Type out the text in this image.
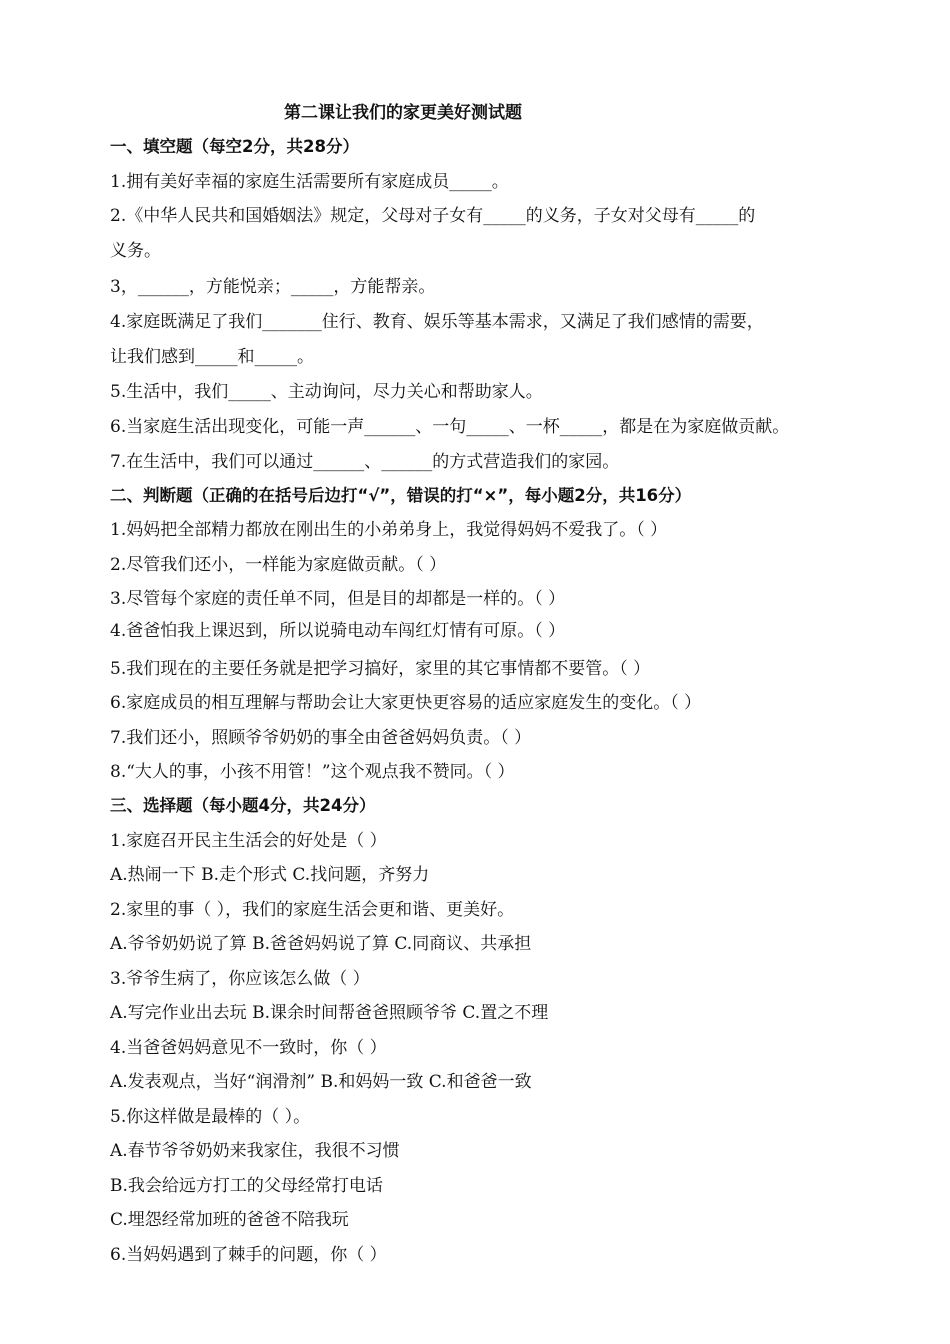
第二课让我们的家更美好测试题
一、填空题（每空2分，共28分）
1.拥有美好幸福的家庭生活需要所有家庭成员_____。
2.《中华人民共和国婚姻法》规定，父母对子女有_____的义务，子女对父母有_____的
义务。
3，______，方能悦亲；_____，方能帮亲。
4.家庭既满足了我们_______住行、教育、娱乐等基本需求，又满足了我们感情的需要，
让我们感到_____和_____。
5.生活中，我们_____、主动询问，尽力关心和帮助家人。
6.当家庭生活出现变化，可能一声______、一句_____、一杯_____，都是在为家庭做贡献。
7.在生活中，我们可以通过______、______的方式营造我们的家园。
二、判断题（正确的在括号后边打“√”，错误的打“×”，每小题2分，共16分）
1.妈妈把全部精力都放在刚出生的小弟弟身上，我觉得妈妈不爱我了。（ ）
2.尽管我们还小，一样能为家庭做贡献。（ ）
3.尽管每个家庭的责任单不同，但是目的却都是一样的。（ ）
4.爸爸怕我上课迟到，所以说骑电动车闯红灯情有可原。（ ）
5.我们现在的主要任务就是把学习搞好，家里的其它事情都不要管。（ ）
6.家庭成员的相互理解与帮助会让大家更快更容易的适应家庭发生的变化。（ ）
7.我们还小，照顾爷爷奶奶的事全由爸爸妈妈负责。（ ）
8.“大人的事，小孩不用管！”这个观点我不赞同。（ ）
三、选择题（每小题4分，共24分）
1.家庭召开民主生活会的好处是（ ）
A.热闹一下 B.走个形式 C.找问题，齐努力
2.家里的事（ ），我们的家庭生活会更和谐、更美好。
A.爷爷奶奶说了算 B.爸爸妈妈说了算 C.同商议、共承担
3.爷爷生病了，你应该怎么做（ ）
A.写完作业出去玩 B.课余时间帮爸爸照顾爷爷 C.置之不理
4.当爸爸妈妈意见不一致时，你（ ）
A.发表观点，当好“润滑剂” B.和妈妈一致 C.和爸爸一致
5.你这样做是最棒的（ ）。
A.春节爷爷奶奶来我家住，我很不习惯
B.我会给远方打工的父母经常打电话
C.埋怨经常加班的爸爸不陪我玩
6.当妈妈遇到了棘手的问题，你（ ）
